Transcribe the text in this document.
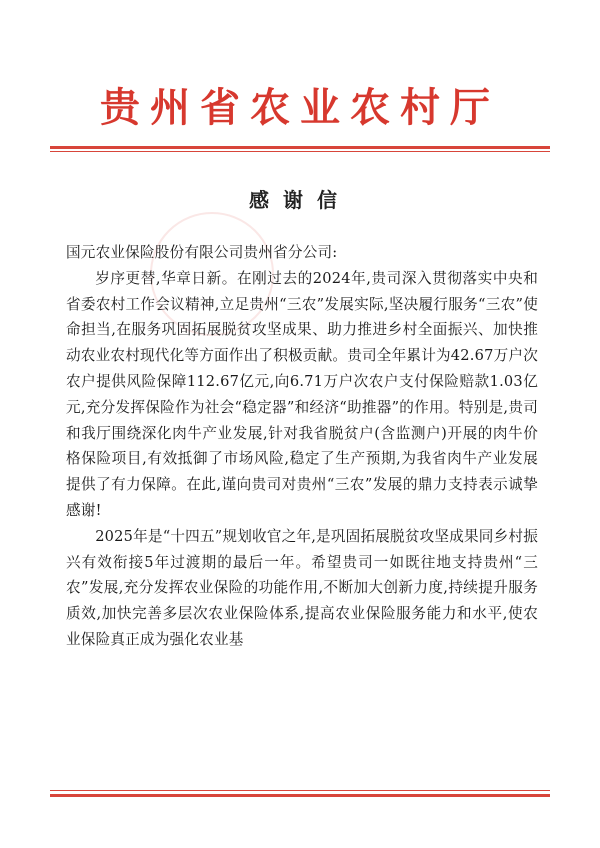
贵州省农业农村厅
感谢信

国元农业保险股份有限公司贵州省分公司:

岁序更替,华章日新。在刚过去的2024年,贵司深入贯彻落实中央和省委农村工作会议精神,立足贵州“三农”发展实际,坚决履行服务“三农”使命担当,在服务巩固拓展脱贫攻坚成果、助力推进乡村全面振兴、加快推动农业农村现代化等方面作出了积极贡献。贵司全年累计为42.67万户次农户提供风险保障112.67亿元,向6.71万户次农户支付保险赔款1.03亿元,充分发挥保险作为社会“稳定器”和经济“助推器”的作用。特别是,贵司和我厅围绕深化肉牛产业发展,针对我省脱贫户(含监测户)开展的肉牛价格保险项目,有效抵御了市场风险,稳定了生产预期,为我省肉牛产业发展提供了有力保障。在此,谨向贵司对贵州“三农”发展的鼎力支持表示诚挚感谢!

2025年是“十四五”规划收官之年,是巩固拓展脱贫攻坚成果同乡村振兴有效衔接5年过渡期的最后一年。希望贵司一如既往地支持贵州“三农”发展,充分发挥农业保险的功能作用,不断加大创新力度,持续提升服务质效,加快完善多层次农业保险体系,提高农业保险服务能力和水平,使农业保险真正成为强化农业基
